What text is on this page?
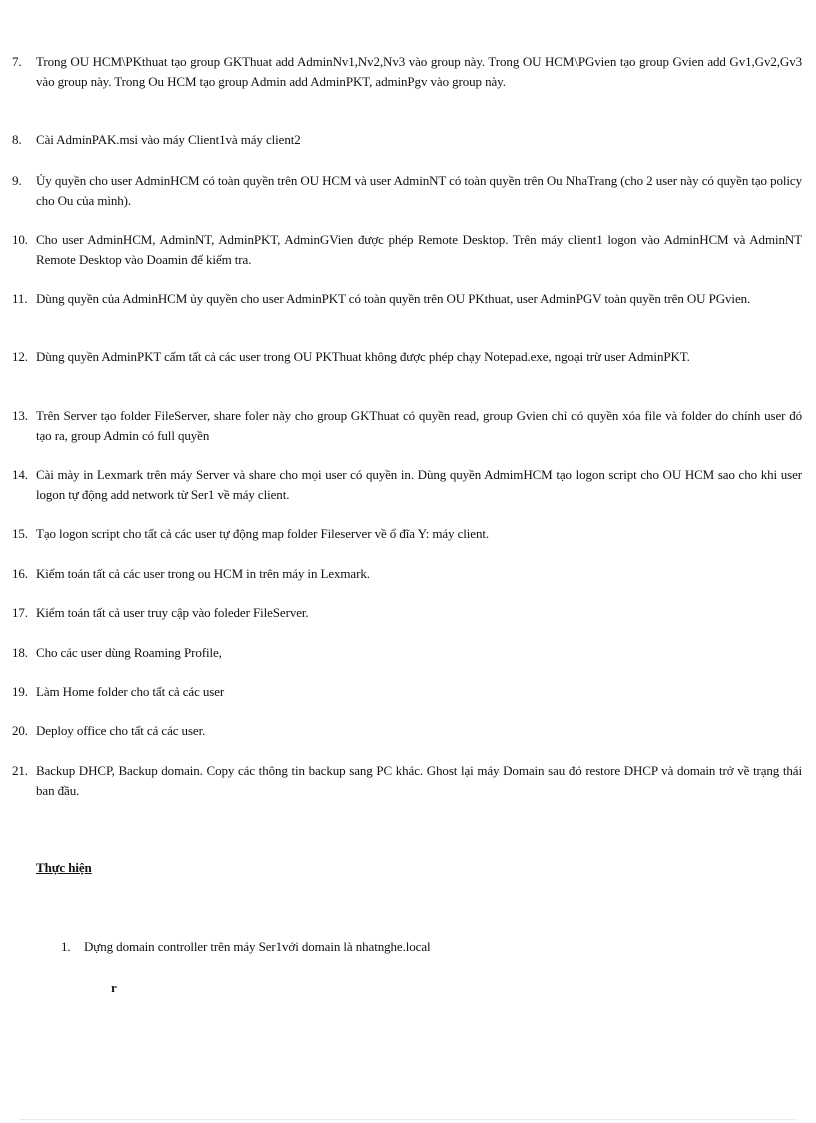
7. Trong OU HCM\PKthuat tạo group GKThuat add AdminNv1,Nv2,Nv3 vào group này. Trong OU HCM\PGvien tạo group Gvien add Gv1,Gv2,Gv3 vào group này. Trong Ou HCM tạo group Admin add AdminPKT, adminPgv vào group này.
8. Cài AdminPAK.msi vào máy Client1và máy client2
9. Ủy quyền cho user AdminHCM có toàn quyền trên OU HCM và user AdminNT có toàn quyền trên Ou NhaTrang (cho 2 user này có quyền tạo policy cho Ou của mình).
10. Cho user AdminHCM, AdminNT, AdminPKT, AdminGVien được phép Remote Desktop. Trên máy client1 logon vào AdminHCM và AdminNT Remote Desktop vào Doamin để kiểm tra.
11. Dùng quyền của AdminHCM ủy quyền cho user AdminPKT có toàn quyền trên OU PKthuat, user AdminPGV toàn quyền trên OU PGvien.
12. Dùng quyền AdminPKT cấm tất cả các user trong OU PKThuat không được phép chạy Notepad.exe, ngoại trừ user AdminPKT.
13. Trên Server tạo folder FileServer, share foler này cho group GKThuat có quyền read, group Gvien chỉ có quyền xóa file và folder do chính user đó tạo ra, group Admin có full quyền
14. Cài mày in Lexmark trên máy Server và share cho mọi user có quyền in. Dùng quyền AdmimHCM tạo logon script cho OU HCM sao cho khi user logon tự động add network từ Ser1 về máy client.
15. Tạo logon script cho tất cả các user tự động map folder Fileserver về ổ đĩa Y: máy client.
16. Kiểm toán tất cả các user trong ou HCM in trên máy in Lexmark.
17. Kiểm toán tất cả user truy cập vào foleder FileServer.
18. Cho các user dùng Roaming Profile,
19. Làm Home folder cho tất cả các user
20. Deploy office cho tất cả các user.
21. Backup DHCP, Backup domain. Copy các thông tin backup sang PC khác. Ghost lại máy Domain sau đó restore DHCP và domain trở về trạng thái ban đầu.
Thực hiện
1. Dựng domain controller trên máy Ser1với domain là nhatnghe.local
r
